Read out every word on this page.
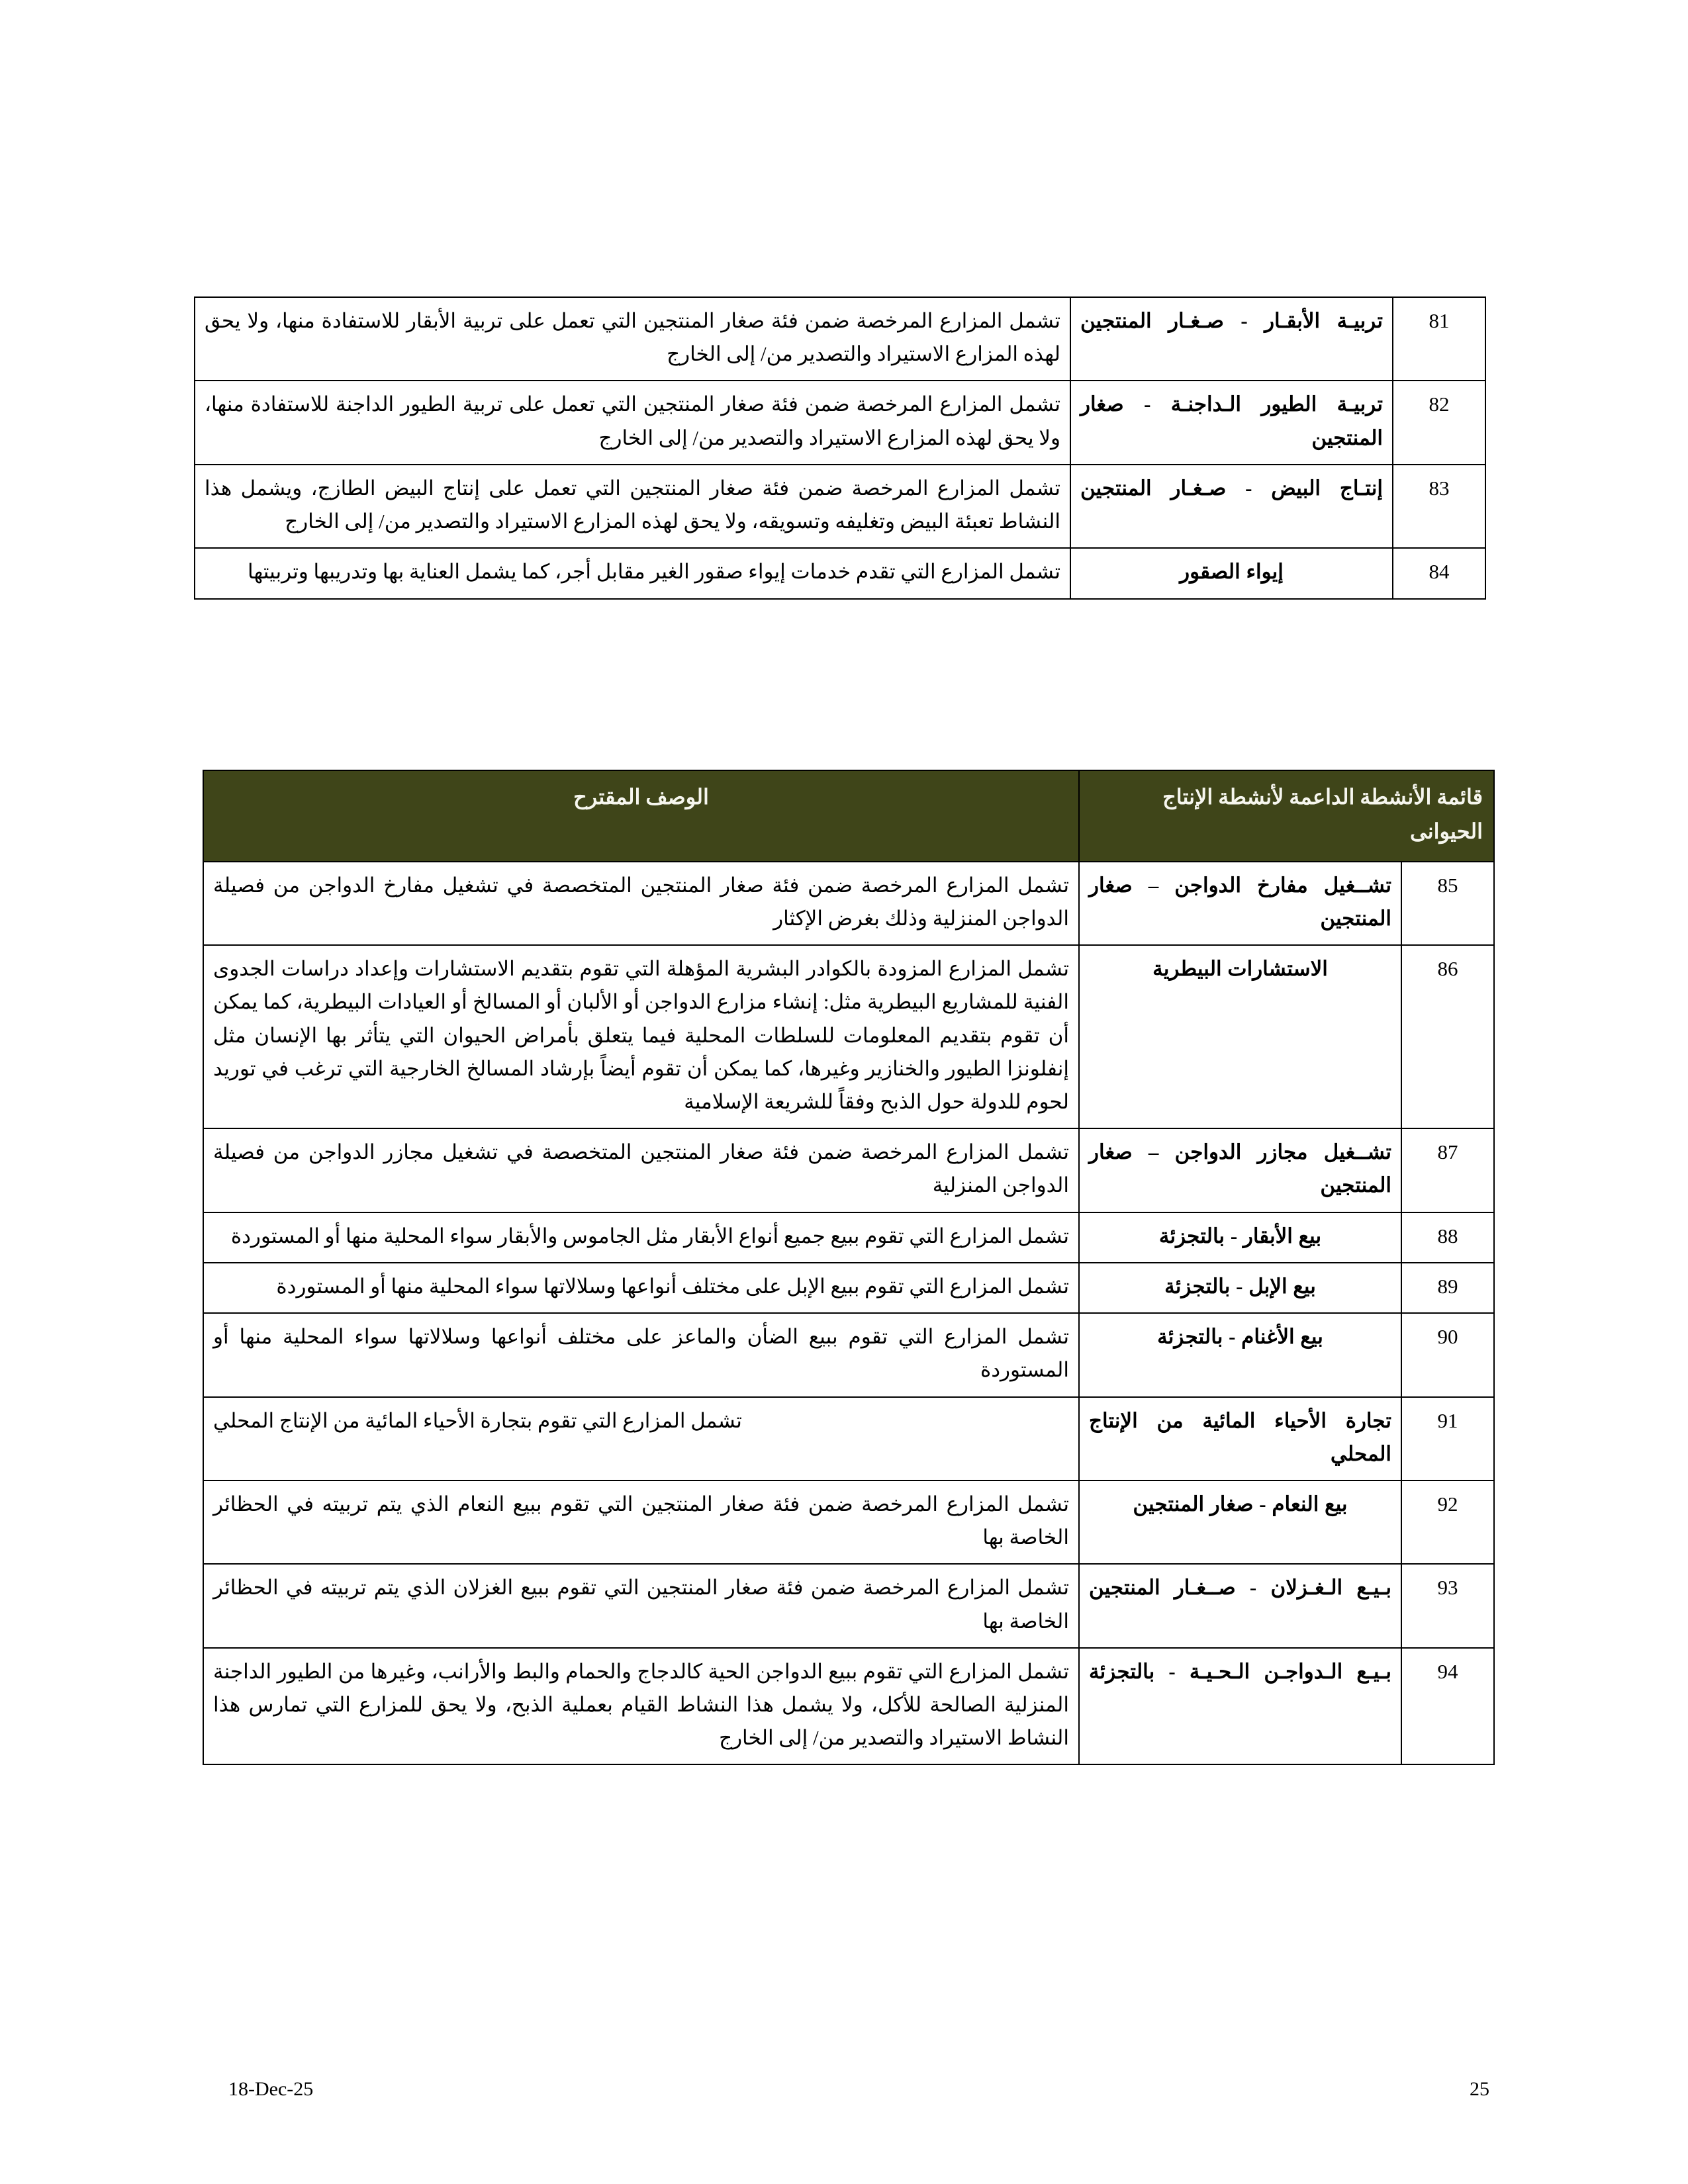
81	تربيـة الأبقـار - صـغـار المنتجين	تشمل المزارع المرخصة ضمن فئة صغار المنتجين التي تعمل على تربية الأبقار للاستفادة منها، ولا يحق لهذه المزارع الاستيراد والتصدير من/ إلى الخارج
82	تربيـة الطيور الـداجنـة - صغار المنتجين	تشمل المزارع المرخصة ضمن فئة صغار المنتجين التي تعمل على تربية الطيور الداجنة للاستفادة منها، ولا يحق لهذه المزارع الاستيراد والتصدير من/ إلى الخارج
83	إنتـاج البيض - صـغـار المنتجين	تشمل المزارع المرخصة ضمن فئة صغار المنتجين التي تعمل على إنتاج البيض الطازج، ويشمل هذا النشاط تعبئة البيض وتغليفه وتسويقه، ولا يحق لهذه المزارع الاستيراد والتصدير من/ إلى الخارج
84	إيواء الصقور	تشمل المزارع التي تقدم خدمات إيواء صقور الغير مقابل أجر، كما يشمل العناية بها وتدريبها وتربيتها
قائمة الأنشطة الداعمة لأنشطة الإنتاج الحيوانى		الوصف المقترح
85	تشــغيل مفارخ الدواجن – صغار المنتجين	تشمل المزارع المرخصة ضمن فئة صغار المنتجين المتخصصة في تشغيل مفارخ الدواجن من فصيلة الدواجن المنزلية وذلك بغرض الإكثار
86	الاستشارات البيطرية	تشمل المزارع المزودة بالكوادر البشرية المؤهلة التي تقوم بتقديم الاستشارات وإعداد دراسات الجدوى الفنية للمشاريع البيطرية مثل: إنشاء مزارع الدواجن أو الألبان أو المسالخ أو العيادات البيطرية، كما يمكن أن تقوم بتقديم المعلومات للسلطات المحلية فيما يتعلق بأمراض الحيوان التي يتأثر بها الإنسان مثل إنفلونزا الطيور والخنازير وغيرها، كما يمكن أن تقوم أيضاً بإرشاد المسالخ الخارجية التي ترغب في توريد لحوم للدولة حول الذبح وفقاً للشريعة الإسلامية
87	تشــغيل مجازر الدواجن – صغار المنتجين	تشمل المزارع المرخصة ضمن فئة صغار المنتجين المتخصصة في تشغيل مجازر الدواجن من فصيلة الدواجن المنزلية
88	بيع الأبقار - بالتجزئة	تشمل المزارع التي تقوم ببيع جميع أنواع الأبقار مثل الجاموس والأبقار سواء المحلية منها أو المستوردة
89	بيع الإبل - بالتجزئة	تشمل المزارع التي تقوم ببيع الإبل على مختلف أنواعها وسلالاتها سواء المحلية منها أو المستوردة
90	بيع الأغنام - بالتجزئة	تشمل المزارع التي تقوم ببيع الضأن والماعز على مختلف أنواعها وسلالاتها سواء المحلية منها أو المستوردة
91	تجارة الأحياء المائية من الإنتاج المحلي	تشمل المزارع التي تقوم بتجارة الأحياء المائية من الإنتاج المحلي
92	بيع النعام - صغار المنتجين	تشمل المزارع المرخصة ضمن فئة صغار المنتجين التي تقوم ببيع النعام الذي يتم تربيته في الحظائر الخاصة بها
93	بـيـع الـغـزلان - صــغـار المنتجين	تشمل المزارع المرخصة ضمن فئة صغار المنتجين التي تقوم ببيع الغزلان الذي يتم تربيته في الحظائر الخاصة بها
94	بـيـع الـدواجـن الـحـيـة - بالتجزئة	تشمل المزارع التي تقوم ببيع الدواجن الحية كالدجاج والحمام والبط والأرانب، وغيرها من الطيور الداجنة المنزلية الصالحة للأكل، ولا يشمل هذا النشاط القيام بعملية الذبح، ولا يحق للمزارع التي تمارس هذا النشاط الاستيراد والتصدير من/ إلى الخارج
18-Dec-25	25
